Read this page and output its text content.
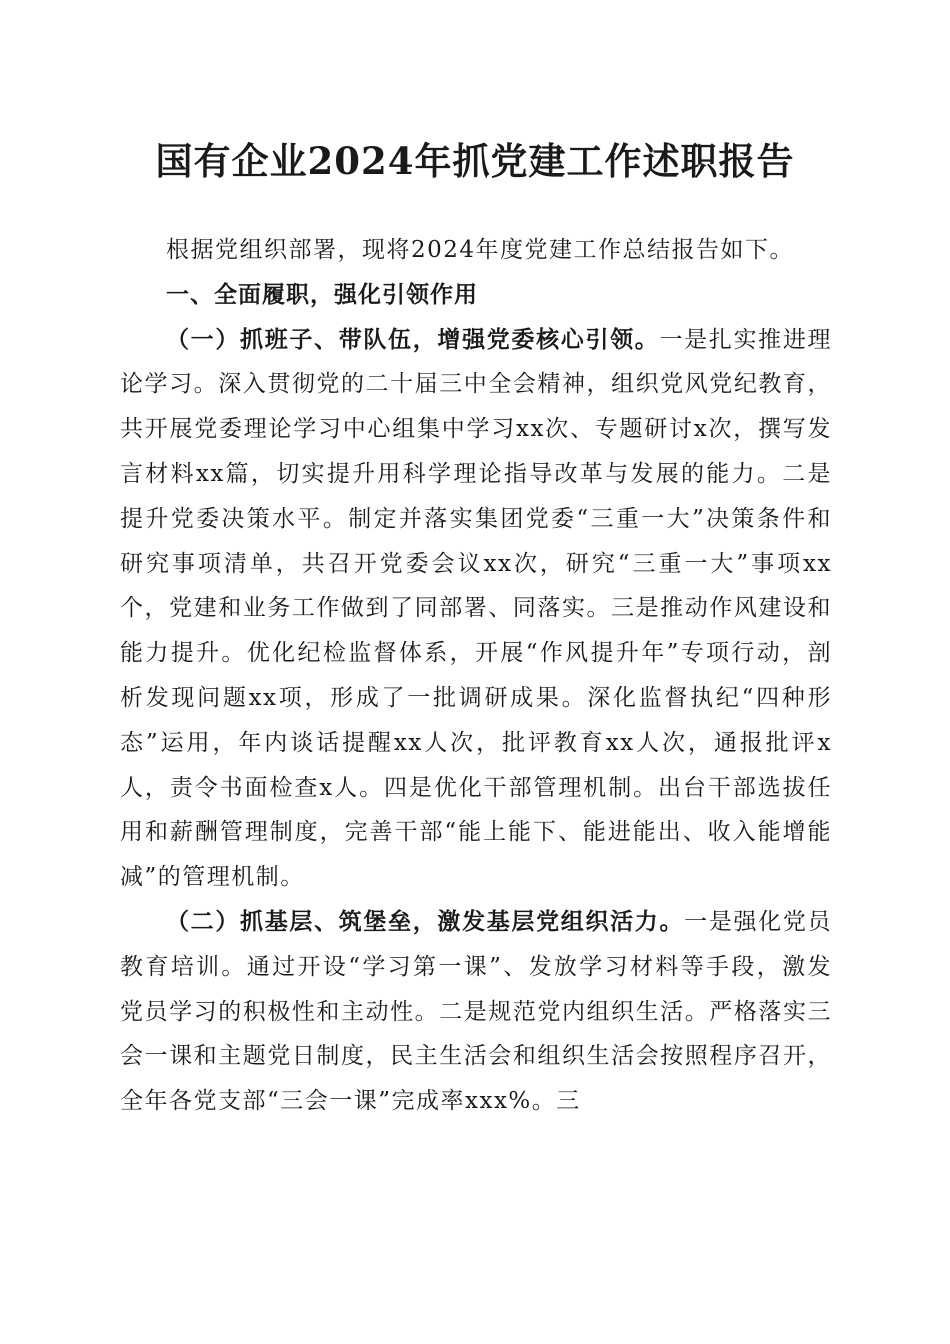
国有企业2024年抓党建工作述职报告

根据党组织部署，现将2024年度党建工作总结报告如下。

一、全面履职，强化引领作用

（一）抓班子、带队伍，增强党委核心引领。一是扎实推进理论学习。深入贯彻党的二十届三中全会精神，组织党风党纪教育，共开展党委理论学习中心组集中学习xx次、专题研讨x次，撰写发言材料xx篇，切实提升用科学理论指导改革与发展的能力。二是提升党委决策水平。制定并落实集团党委“三重一大”决策条件和研究事项清单，共召开党委会议xx次，研究“三重一大”事项xx个，党建和业务工作做到了同部署、同落实。三是推动作风建设和能力提升。优化纪检监督体系，开展“作风提升年”专项行动，剖析发现问题xx项，形成了一批调研成果。深化监督执纪“四种形态”运用，年内谈话提醒xx人次，批评教育xx人次，通报批评x人，责令书面检查x人。四是优化干部管理机制。出台干部选拔任用和薪酬管理制度，完善干部“能上能下、能进能出、收入能增能减”的管理机制。

（二）抓基层、筑堡垒，激发基层党组织活力。一是强化党员教育培训。通过开设“学习第一课”、发放学习材料等手段，激发党员学习的积极性和主动性。二是规范党内组织生活。严格落实三会一课和主题党日制度，民主生活会和组织生活会按照程序召开，全年各党支部“三会一课”完成率xxx%。三
